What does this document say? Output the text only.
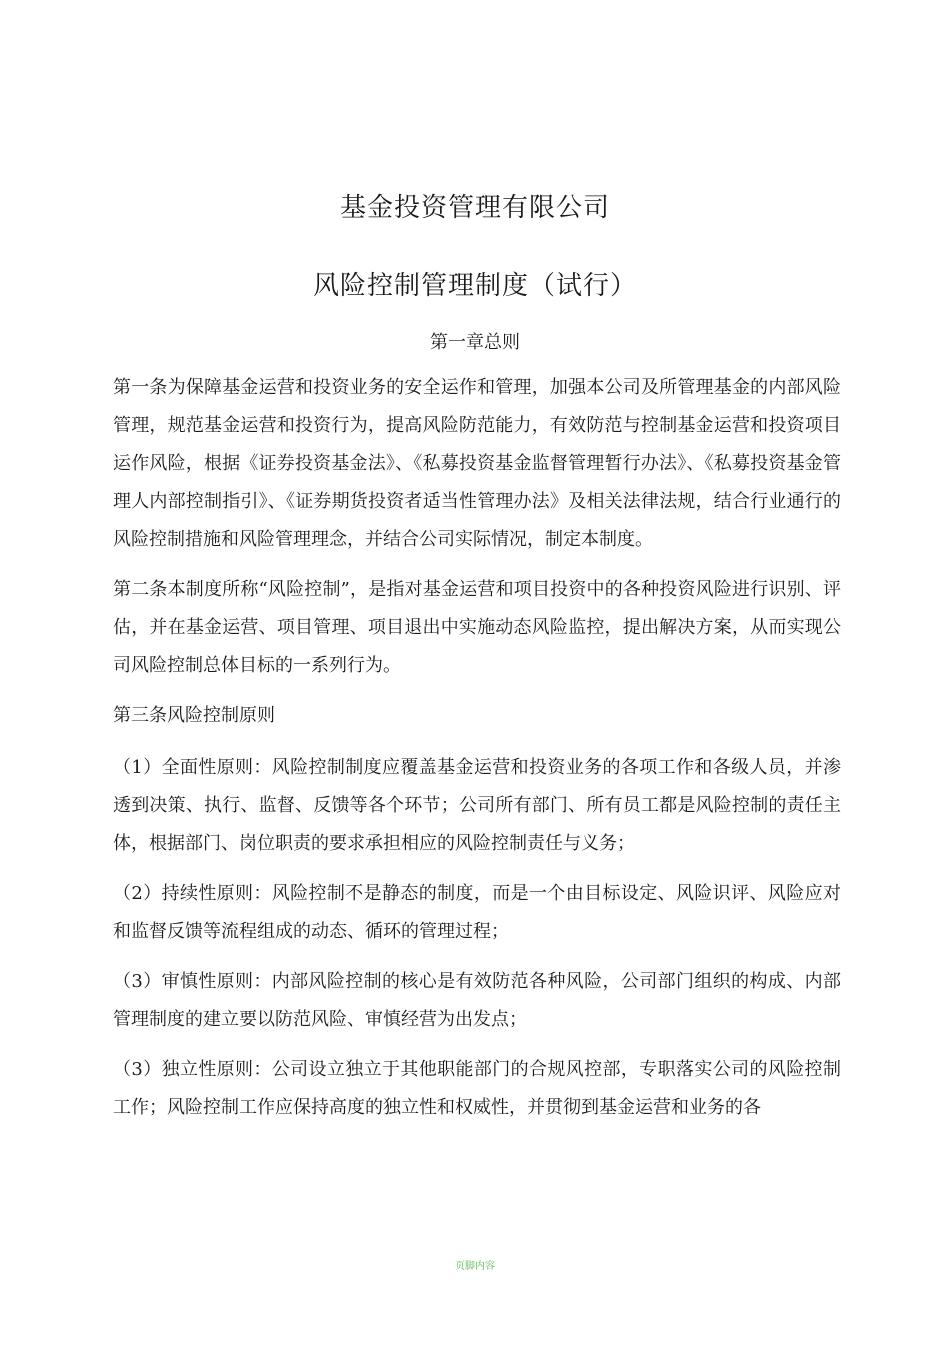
基金投资管理有限公司
风险控制管理制度（试行）
第一章总则

第一条为保障基金运营和投资业务的安全运作和管理，加强本公司及所管理基金的内部风险管理，规范基金运营和投资行为，提高风险防范能力，有效防范与控制基金运营和投资项目运作风险，根据《证券投资基金法》、《私募投资基金监督管理暂行办法》、《私募投资基金管理人内部控制指引》、《证券期货投资者适当性管理办法》及相关法律法规，结合行业通行的风险控制措施和风险管理理念，并结合公司实际情况，制定本制度。

第二条本制度所称“风险控制”，是指对基金运营和项目投资中的各种投资风险进行识别、评估，并在基金运营、项目管理、项目退出中实施动态风险监控，提出解决方案，从而实现公司风险控制总体目标的一系列行为。

第三条风险控制原则

（1）全面性原则：风险控制制度应覆盖基金运营和投资业务的各项工作和各级人员，并渗透到决策、执行、监督、反馈等各个环节；公司所有部门、所有员工都是风险控制的责任主体，根据部门、岗位职责的要求承担相应的风险控制责任与义务；

（2）持续性原则：风险控制不是静态的制度，而是一个由目标设定、风险识评、风险应对和监督反馈等流程组成的动态、循环的管理过程；

（3）审慎性原则：内部风险控制的核心是有效防范各种风险，公司部门组织的构成、内部管理制度的建立要以防范风险、审慎经营为出发点；

（3）独立性原则：公司设立独立于其他职能部门的合规风控部，专职落实公司的风险控制工作；风险控制工作应保持高度的独立性和权威性，并贯彻到基金运营和业务的各

页脚内容
